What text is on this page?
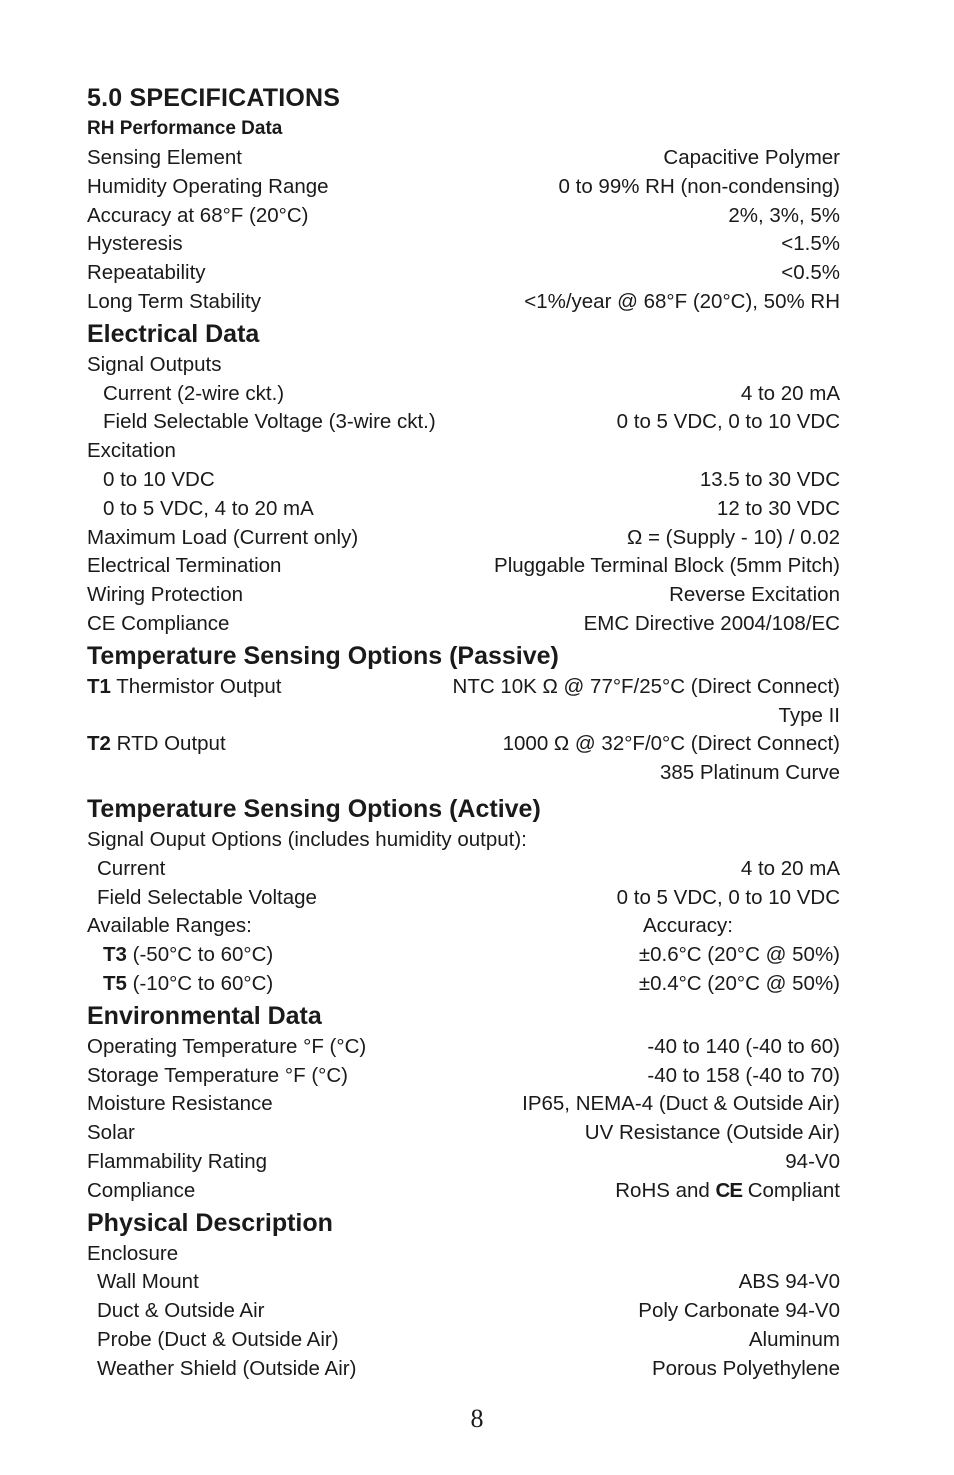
5.0 SPECIFICATIONS
RH Performance Data
Sensing Element	Capacitive Polymer
Humidity Operating Range	0 to 99% RH (non-condensing)
Accuracy at 68°F (20°C)	2%, 3%, 5%
Hysteresis	<1.5%
Repeatability	<0.5%
Long Term Stability	<1%/year @ 68°F (20°C), 50% RH
Electrical Data
Signal Outputs
Current (2-wire ckt.)	4 to 20 mA
Field Selectable Voltage (3-wire ckt.)	0 to 5 VDC, 0 to 10 VDC
Excitation
0 to 10 VDC	13.5 to 30 VDC
0 to 5 VDC, 4 to 20 mA	12 to 30 VDC
Maximum Load (Current only)	Ω = (Supply - 10) / 0.02
Electrical Termination	Pluggable Terminal Block (5mm Pitch)
Wiring Protection	Reverse Excitation
CE Compliance	EMC Directive 2004/108/EC
Temperature Sensing Options (Passive)
T1 Thermistor Output	NTC 10K Ω @ 77°F/25°C (Direct Connect)
Type II
T2 RTD Output	1000 Ω @ 32°F/0°C (Direct Connect)
385 Platinum Curve
Temperature Sensing Options (Active)
Signal Ouput Options (includes humidity output):
Current	4 to 20 mA
Field Selectable Voltage	0 to 5 VDC, 0 to 10 VDC
Available Ranges:	Accuracy:
T3 (-50°C to 60°C)	±0.6°C (20°C @ 50%)
T5 (-10°C to 60°C)	±0.4°C (20°C @ 50%)
Environmental Data
Operating Temperature °F (°C)	-40 to 140 (-40 to 60)
Storage Temperature °F (°C)	-40 to 158 (-40 to 70)
Moisture Resistance	IP65, NEMA-4 (Duct & Outside Air)
Solar	UV Resistance (Outside Air)
Flammability Rating	94-V0
Compliance	RoHS and CE Compliant
Physical Description
Enclosure
Wall Mount	ABS 94-V0
Duct & Outside Air	Poly Carbonate 94-V0
Probe (Duct & Outside Air)	Aluminum
Weather Shield (Outside Air)	Porous Polyethylene
8
